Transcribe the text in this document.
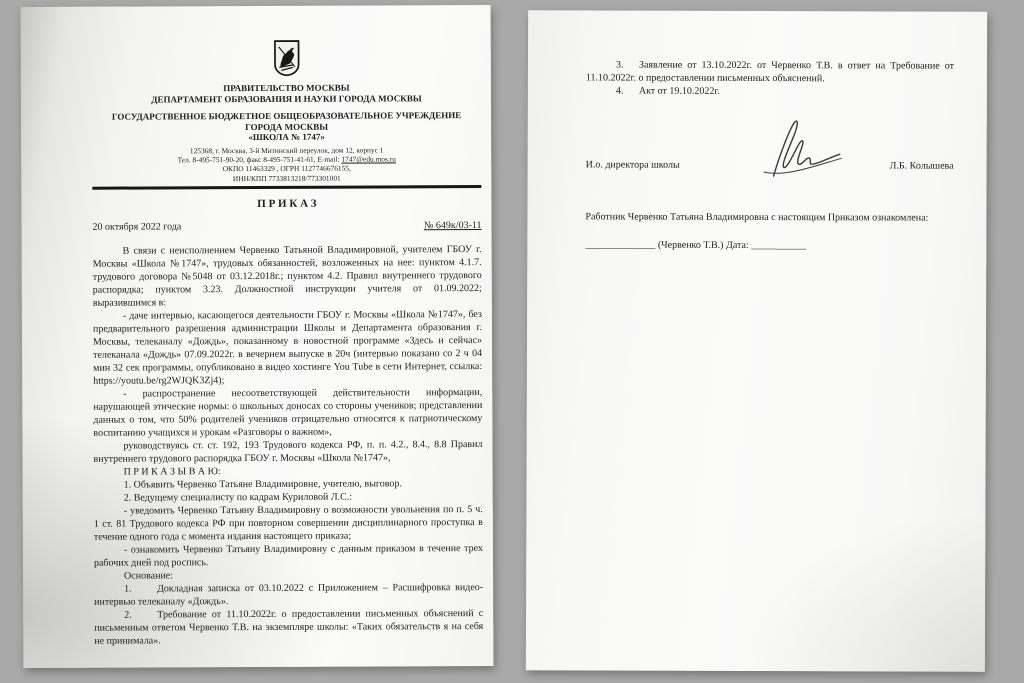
ПРАВИТЕЛЬСТВО МОСКВЫ
ДЕПАРТАМЕНТ ОБРАЗОВАНИЯ И НАУКИ ГОРОДА МОСКВЫ
ГОСУДАРСТВЕННОЕ БЮДЖЕТНОЕ ОБЩЕОБРАЗОВАТЕЛЬНОЕ УЧРЕЖДЕНИЕ
ГОРОДА МОСКВЫ
«ШКОЛА № 1747»
125368, г. Москва, 3-й Митинский переулок, дом 12, корпус 1
Тел. 8-495-751-90-20, факс 8-495-751-41-61, E-mail: 1747@edu.mos.ru
ОКПО 11463329 , ОГРН 1127746676155,
ИНН/КПП 7733813218/773301001
П Р И К А З
20 октября 2022 года	№ 649к/03-11

В связи с неисполнением Червенко Татьяной Владимировной, учителем ГБОУ г. Москвы «Школа №1747», трудовых обязанностей, возложенных на нее: пунктом 4.1.7. трудового договора №5048 от 03.12.2018г.; пунктом 4.2. Правил внутреннего трудового распорядка; пунктом 3.23. Должностной инструкции учителя от 01.09.2022; выразившимся в:

- даче интервью, касающегося деятельности ГБОУ г. Москвы «Школа №1747», без предварительного разрешения администрации Школы и Департамента образования г. Москвы, телеканалу «Дождь», показанному в новостной программе «Здесь и сейчас» телеканала «Дождь» 07.09.2022г. в вечернем выпуске в 20ч (интервью показано со 2 ч 04 мин 32 сек программы, опубликовано в видео хостинге You Tube в сети Интернет, ссылка: https://youtu.be/rg2WJQK3Zj4);

- распространение несоответствующей действительности информации, нарушающей этические нормы: о школьных доносах со стороны учеников; представлении данных о том, что 50% родителей учеников отрицательно относятся к патриотическому воспитанию учащихся и урокам «Разговоры о важном»,

руководствуясь ст. ст. 192, 193 Трудового кодекса РФ, п. п. 4.2., 8.4., 8.8 Правил внутреннего трудового распорядка ГБОУ г. Москвы «Школа №1747»,

П Р И К А З Ы В А Ю:

1. Объявить Червенко Татьяне Владимировне, учителю, выговор.

2. Ведущему специалисту по кадрам Куриловой Л.С.:

- уведомить Червенко Татьяну Владимировну о возможности увольнения по п. 5 ч. 1 ст. 81 Трудового кодекса РФ при повторном совершении дисциплинарного проступка в течение одного года с момента издания настоящего приказа;

- ознакомить Червенко Татьяну Владимировну с данным приказом в течение трех рабочих дней под роспись.

Основание:

1.	Докладная записка от 03.10.2022 с Приложением – Расшифровка видео-интервью телеканалу «Дождь».

2.	Требование от 11.10.2022г. о предоставлении письменных объяснений с письменным ответом Червенко Т.В. на экземпляре школы: «Таких обязательств я на себя не принимала».

3. Заявление от 13.10.2022г. от Червенко Т.В. в ответ на Требование от 11.10.2022г. о предоставлении письменных объяснений.

4. Акт от 19.10.2022г.

И.о. директора школы	Л.Б. Колышева

Работник Червенко Татьяна Владимировна с настоящим Приказом ознакомлена:

______________ (Червенко Т.В.) Дата: ___________
